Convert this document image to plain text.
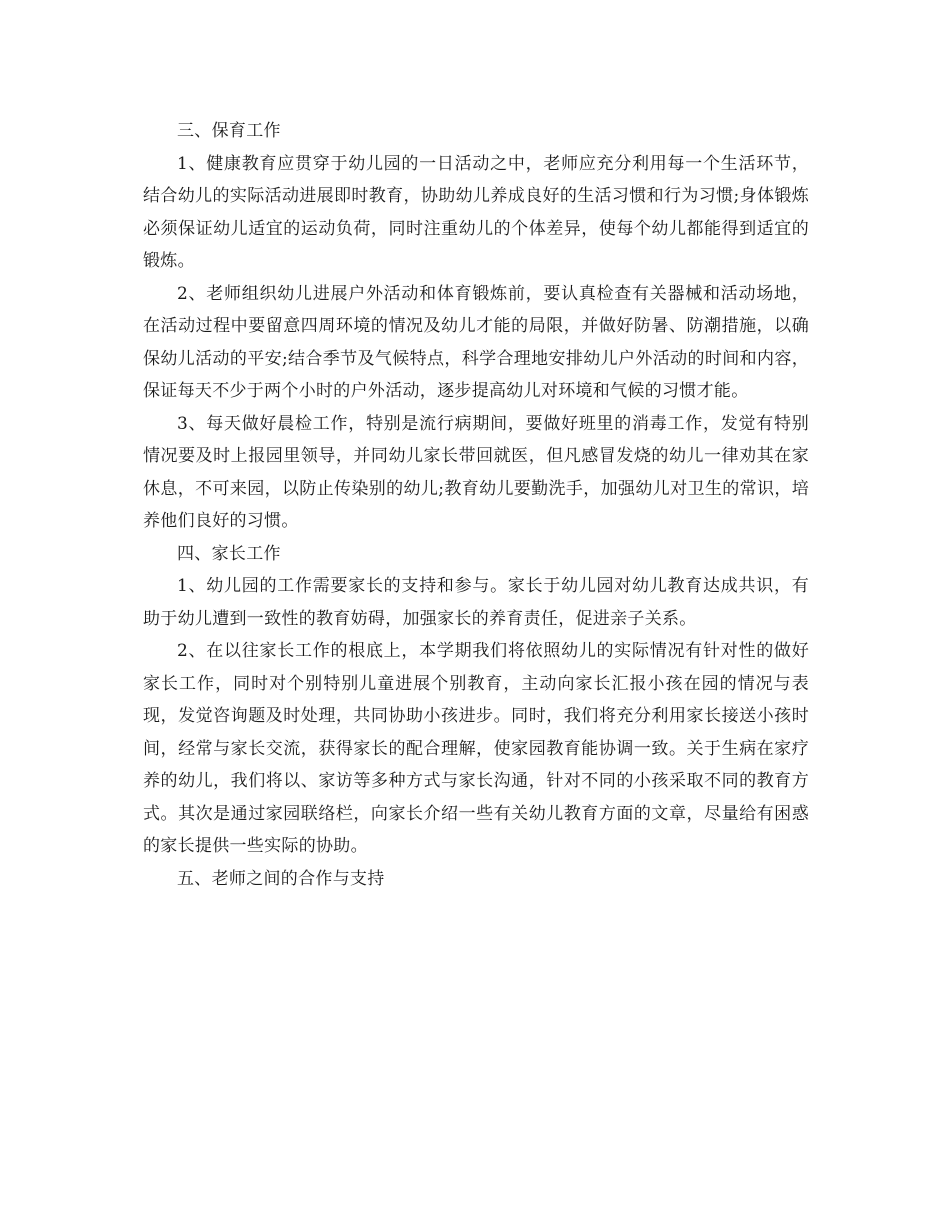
三、保育工作

1、健康教育应贯穿于幼儿园的一日活动之中，老师应充分利用每一个生活环节，结合幼儿的实际活动进展即时教育，协助幼儿养成良好的生活习惯和行为习惯;身体锻炼必须保证幼儿适宜的运动负荷，同时注重幼儿的个体差异，使每个幼儿都能得到适宜的锻炼。

2、老师组织幼儿进展户外活动和体育锻炼前，要认真检查有关器械和活动场地，在活动过程中要留意四周环境的情况及幼儿才能的局限，并做好防暑、防潮措施，以确保幼儿活动的平安;结合季节及气候特点，科学合理地安排幼儿户外活动的时间和内容，保证每天不少于两个小时的户外活动，逐步提高幼儿对环境和气候的习惯才能。

3、每天做好晨检工作，特别是流行病期间，要做好班里的消毒工作，发觉有特别情况要及时上报园里领导，并同幼儿家长带回就医，但凡感冒发烧的幼儿一律劝其在家休息，不可来园，以防止传染别的幼儿;教育幼儿要勤洗手，加强幼儿对卫生的常识，培养他们良好的习惯。

四、家长工作

1、幼儿园的工作需要家长的支持和参与。家长于幼儿园对幼儿教育达成共识，有助于幼儿遭到一致性的教育妨碍，加强家长的养育责任，促进亲子关系。

2、在以往家长工作的根底上，本学期我们将依照幼儿的实际情况有针对性的做好家长工作，同时对个别特别儿童进展个别教育，主动向家长汇报小孩在园的情况与表现，发觉咨询题及时处理，共同协助小孩进步。同时，我们将充分利用家长接送小孩时间，经常与家长交流，获得家长的配合理解，使家园教育能协调一致。关于生病在家疗养的幼儿，我们将以、家访等多种方式与家长沟通，针对不同的小孩采取不同的教育方式。其次是通过家园联络栏，向家长介绍一些有关幼儿教育方面的文章，尽量给有困惑的家长提供一些实际的协助。

五、老师之间的合作与支持
